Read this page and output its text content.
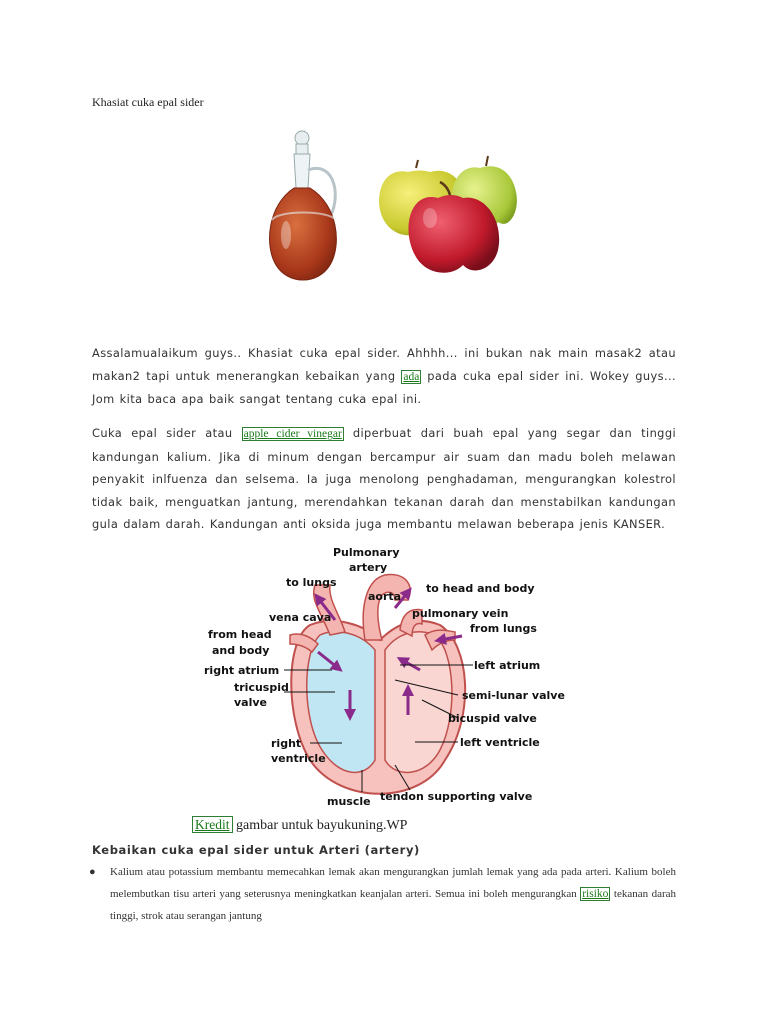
Khasiat cuka epal sider

Assalamualaikum guys.. Khasiat cuka epal sider. Ahhhh... ini bukan nak main masak2 atau makan2 tapi untuk menerangkan kebaikan yang ada pada cuka epal sider ini. Wokey guys... Jom kita baca apa baik sangat tentang cuka epal ini.

Cuka epal sider atau apple cider vinegar diperbuat dari buah epal yang segar dan tinggi kandungan kalium. Jika di minum dengan bercampur air suam dan madu boleh melawan penyakit inlfuenza dan selsema. Ia juga menolong penghadaman, mengurangkan kolestrol tidak baik, menguatkan jantung, merendahkan tekanan darah dan menstabilkan kandungan gula dalam darah. Kandungan anti oksida juga membantu melawan beberapa jenis KANSER.

Pulmonary
artery
to lungs
aorta
to head and body
vena cava	pulmonary vein
from head
and body
from lungs
right atrium	left atrium
tricuspid
valve
semi-lunar valve
bicuspid valve
right
ventricle
left ventricle
muscle tendon supporting valve
Kredit gambar untuk bayukuning.WP
Kebaikan cuka epal sider untuk Arteri (artery)
● Kalium atau potassium membantu memecahkan lemak akan mengurangkan jumlah lemak yang ada pada arteri. Kalium boleh melembutkan tisu arteri yang seterusnya meningkatkan keanjalan arteri. Semua ini boleh mengurangkan risiko tekanan darah tinggi, strok atau serangan jantung
